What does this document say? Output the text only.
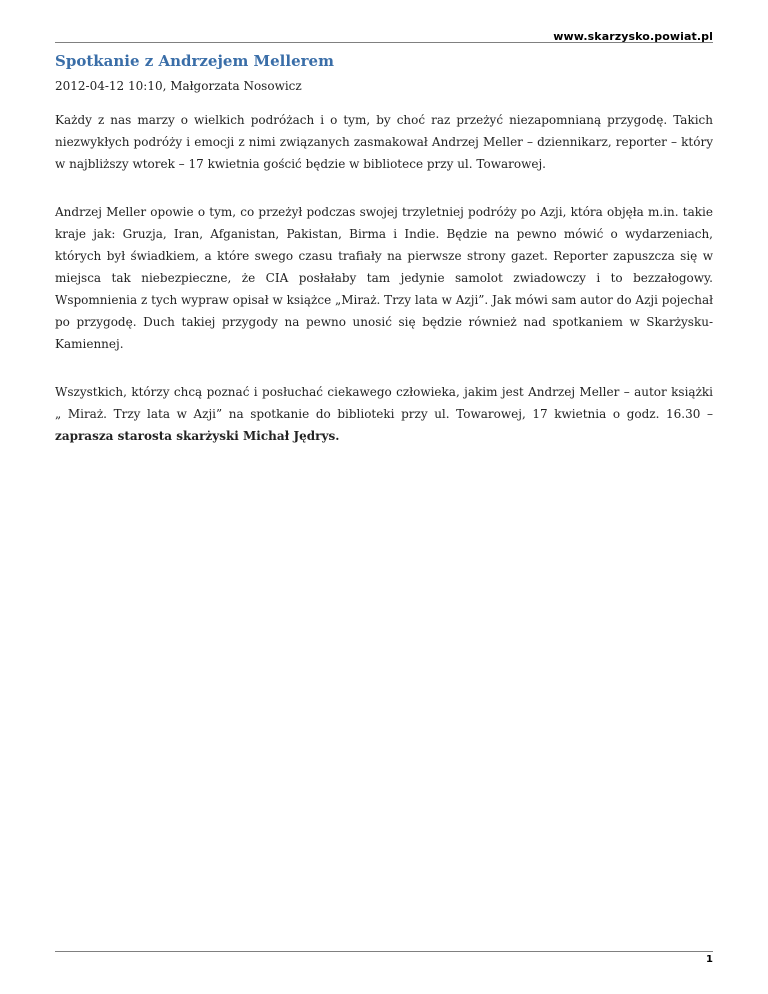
www.skarzysko.powiat.pl
Spotkanie z Andrzejem Mellerem

2012-04-12 10:10, Małgorzata Nosowicz

Każdy z nas marzy o wielkich podróżach i o tym, by choć raz przeżyć niezapomnianą przygodę. Takich niezwykłych podróży i emocji z nimi związanych zasmakował Andrzej Meller – dziennikarz, reporter – który w najbliższy wtorek – 17 kwietnia gościć będzie w bibliotece przy ul. Towarowej.

Andrzej Meller opowie o tym, co przeżył podczas swojej trzyletniej podróży po Azji, która objęła m.in. takie kraje jak: Gruzja, Iran, Afganistan, Pakistan, Birma i Indie. Będzie na pewno mówić o wydarzeniach, których był świadkiem, a które swego czasu trafiały na pierwsze strony gazet. Reporter zapuszcza się w miejsca tak niebezpieczne, że CIA posłałaby tam jedynie samolot zwiadowczy i to bezzałogowy. Wspomnienia z tych wypraw opisał w książce „Miraż. Trzy lata w Azji”. Jak mówi sam autor do Azji pojechał po przygodę. Duch takiej przygody na pewno unosić się będzie również nad spotkaniem w Skarżysku-Kamiennej.

Wszystkich, którzy chcą poznać i posłuchać ciekawego człowieka, jakim jest Andrzej Meller – autor książki „ Miraż. Trzy lata w Azji” na spotkanie do biblioteki przy ul. Towarowej, 17 kwietnia o godz. 16.30 – zaprasza starosta skarżyski Michał Jędrys.

1
